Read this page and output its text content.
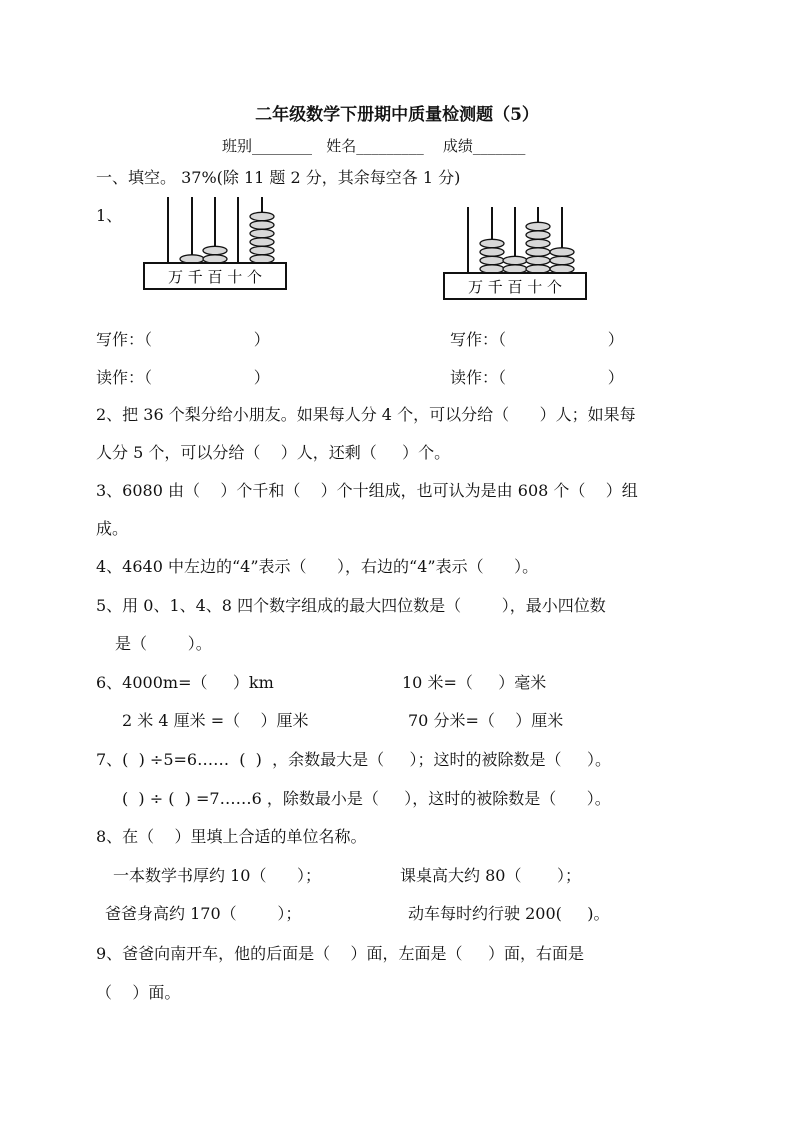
二年级数学下册期中质量检测题（5）
班别________   姓名_________    成绩_______
一、填空。 37%(除 11 题 2 分，其余每空各 1 分)
1、
万 千 百 十 个
万 千 百 十 个
写作：（                    ）	写作：（                    ）
读作：（                    ）	读作：（                    ）
2、把 36 个梨分给小朋友。如果每人分 4 个，可以分给（      ）人；如果每
人分 5 个，可以分给（    ）人，还剩（     ）个。
3、6080 由（    ）个千和（    ）个十组成，也可认为是由 608 个（    ）组
成。
4、4640 中左边的“4”表示（      ），右边的“4”表示（      ）。
5、用 0、1、4、8 四个数字组成的最大四位数是（        ），最小四位数
是（        ）。
6、4000m=（     ）km	10 米=（     ）毫米
2 米 4 厘米 =（    ）厘米	70 分米=（    ）厘米
7、(  ) ÷5=6……  (  )  ，余数最大是（     ）；这时的被除数是（     ）。
(  ) ÷ (  ) =7……6 ，除数最小是（     ），这时的被除数是（      ）。
8、在（    ）里填上合适的单位名称。
一本数学书厚约 10（      ）；	课桌高大约 80（       ）；
爸爸身高约 170（        ）；	动车每时约行驶 200(     )。
9、爸爸向南开车，他的后面是（    ）面，左面是（     ）面，右面是
（    ）面。
